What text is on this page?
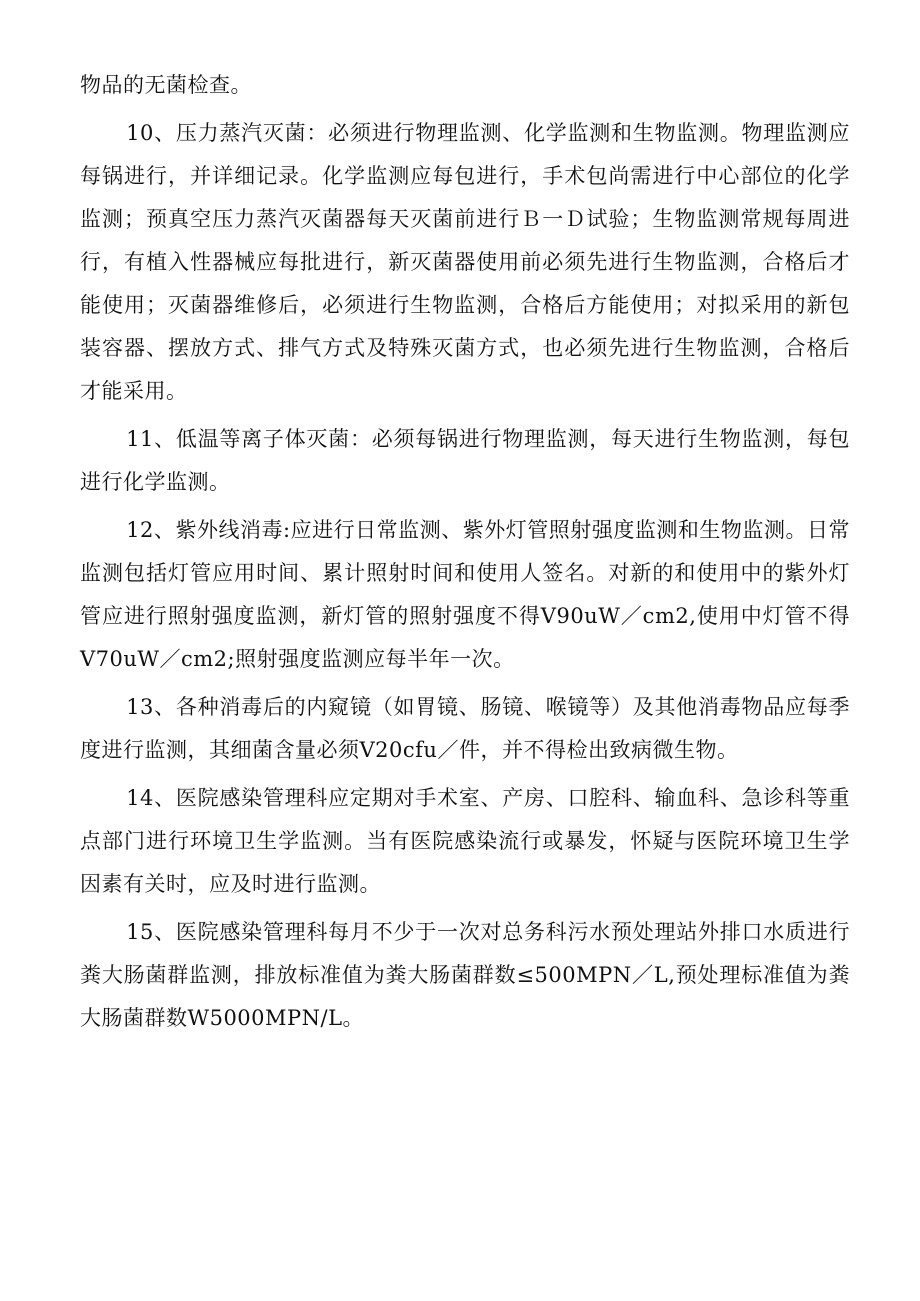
物品的无菌检查。

10、压力蒸汽灭菌：必须进行物理监测、化学监测和生物监测。物理监测应每锅进行，并详细记录。化学监测应每包进行，手术包尚需进行中心部位的化学监测；预真空压力蒸汽灭菌器每天灭菌前进行Ｂ一Ｄ试验；生物监测常规每周进行，有植入性器械应每批进行，新灭菌器使用前必须先进行生物监测，合格后才能使用；灭菌器维修后，必须进行生物监测，合格后方能使用；对拟采用的新包装容器、摆放方式、排气方式及特殊灭菌方式，也必须先进行生物监测，合格后才能采用。

11、低温等离子体灭菌：必须每锅进行物理监测，每天进行生物监测，每包进行化学监测。

12、紫外线消毒:应进行日常监测、紫外灯管照射强度监测和生物监测。日常监测包括灯管应用时间、累计照射时间和使用人签名。对新的和使用中的紫外灯管应进行照射强度监测，新灯管的照射强度不得V90uW／cm2,使用中灯管不得V70uW／cm2;照射强度监测应每半年一次。

13、各种消毒后的内窥镜（如胃镜、肠镜、喉镜等）及其他消毒物品应每季度进行监测，其细菌含量必须V20cfu／件，并不得检出致病微生物。

14、医院感染管理科应定期对手术室、产房、口腔科、输血科、急诊科等重点部门进行环境卫生学监测。当有医院感染流行或暴发，怀疑与医院环境卫生学因素有关时，应及时进行监测。

15、医院感染管理科每月不少于一次对总务科污水预处理站外排口水质进行粪大肠菌群监测，排放标准值为粪大肠菌群数≤500MPN／L,预处理标准值为粪大肠菌群数W5000MPN/L。
